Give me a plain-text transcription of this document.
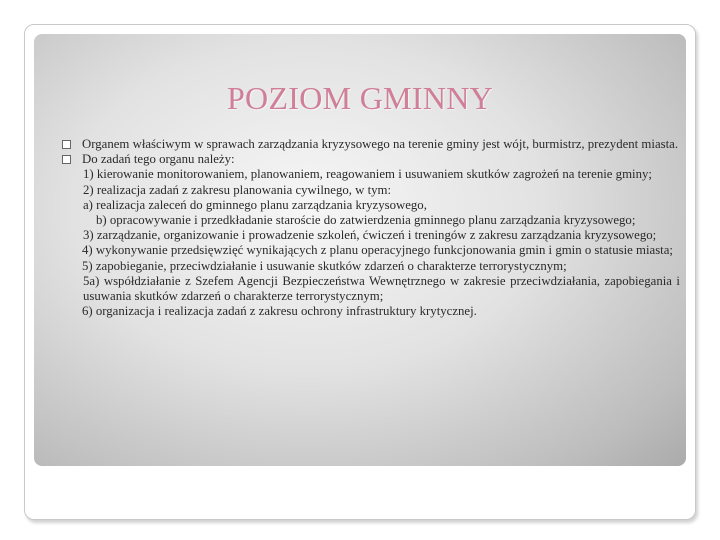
POZIOM GMINNY

Organem właściwym w sprawach zarządzania kryzysowego na terenie gminy jest wójt, burmistrz, prezydent miasta.

Do zadań tego organu należy:

1) kierowanie monitorowaniem, planowaniem, reagowaniem i usuwaniem skutków zagrożeń na terenie gminy;

2) realizacja zadań z zakresu planowania cywilnego, w tym:

a) realizacja zaleceń do gminnego planu zarządzania kryzysowego,

b) opracowywanie i przedkładanie staroście do zatwierdzenia gminnego planu zarządzania kryzysowego;

3) zarządzanie, organizowanie i prowadzenie szkoleń, ćwiczeń i treningów z zakresu zarządzania kryzysowego;

4) wykonywanie przedsięwzięć wynikających z planu operacyjnego funkcjonowania gmin i gmin o statusie miasta;

5) zapobieganie, przeciwdziałanie i usuwanie skutków zdarzeń o charakterze terrorystycznym;

5a) współdziałanie z Szefem Agencji Bezpieczeństwa Wewnętrznego w zakresie przeciwdziałania, zapobiegania i usuwania skutków zdarzeń o charakterze terrorystycznym;

6) organizacja i realizacja zadań z zakresu ochrony infrastruktury krytycznej.
